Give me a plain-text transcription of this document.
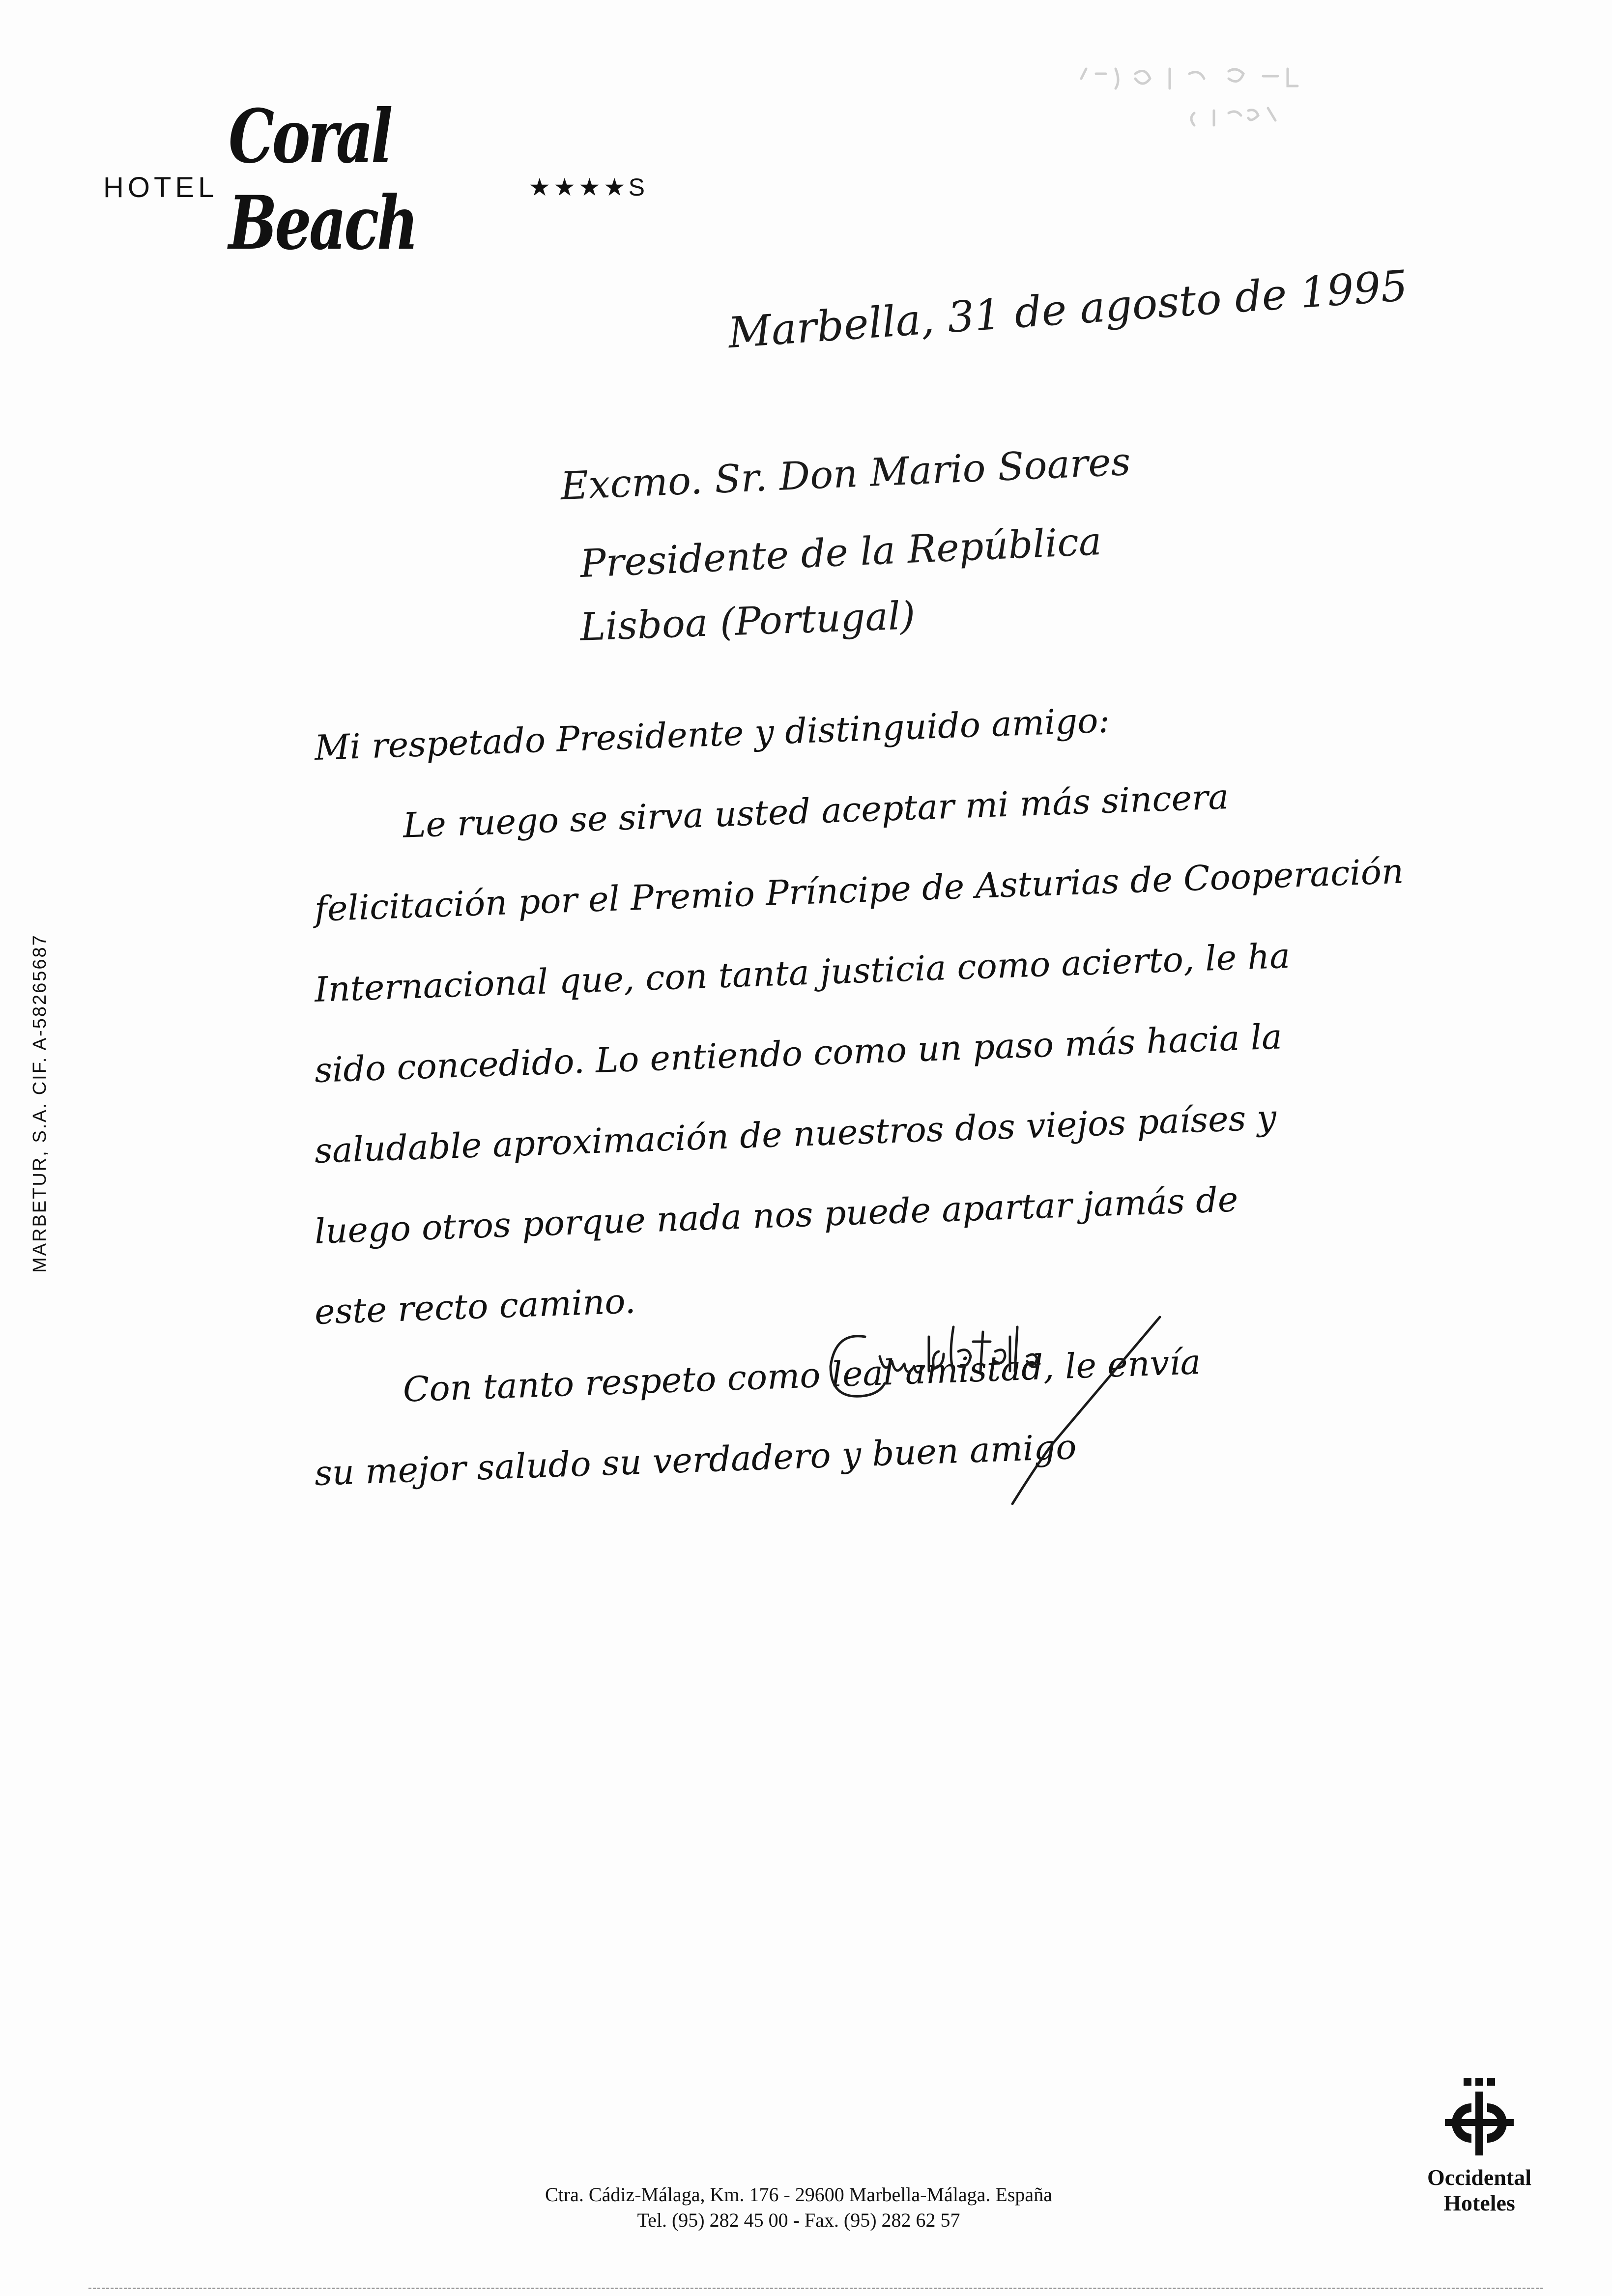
HOTEL
Coral Beach	★★★★S
MARBETUR, S.A. CIF. A-58265687
Marbella, 31 de agosto de 1995
Excmo. Sr. Don Mario Soares
Presidente de la República
Lisboa (Portugal)
Mi respetado Presidente y distinguido amigo:
Le ruego se sirva usted aceptar mi más sincera
felicitación por el Premio Príncipe de Asturias de Cooperación
Internacional que, con tanta justicia como acierto, le ha
sido concedido. Lo entiendo como un paso más hacia la
saludable aproximación de nuestros dos viejos países y
luego otros porque nada nos puede apartar jamás de
este recto camino.
Con tanto respeto como leal amistad, le envía
su mejor saludo su verdadero y buen amigo
Ctra. Cádiz-Málaga, Km. 176 - 29600 Marbella-Málaga. España
Tel. (95) 282 45 00 - Fax. (95) 282 62 57
Occidental
Hoteles
